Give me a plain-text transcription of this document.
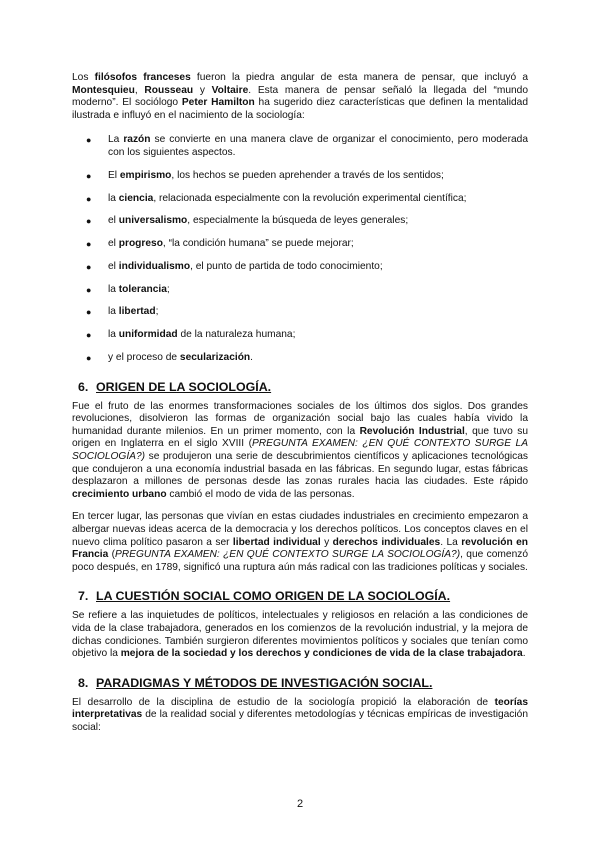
Los filósofos franceses fueron la piedra angular de esta manera de pensar, que incluyó a Montesquieu, Rousseau y Voltaire. Esta manera de pensar señaló la llegada del “mundo moderno”. El sociólogo Peter Hamilton ha sugerido diez características que definen la mentalidad ilustrada e influyó en el nacimiento de la sociología:

● La razón se convierte en una manera clave de organizar el conocimiento, pero moderada con los siguientes aspectos.
● El empirismo, los hechos se pueden aprehender a través de los sentidos;
● la ciencia, relacionada especialmente con la revolución experimental científica;
● el universalismo, especialmente la búsqueda de leyes generales;
● el progreso, “la condición humana” se puede mejorar;
● el individualismo, el punto de partida de todo conocimiento;
● la tolerancia;
● la libertad;
● la uniformidad de la naturaleza humana;
● y el proceso de secularización.
6. ORIGEN DE LA SOCIOLOGÍA.

Fue el fruto de las enormes transformaciones sociales de los últimos dos siglos. Dos grandes revoluciones, disolvieron las formas de organización social bajo las cuales había vivido la humanidad durante milenios. En un primer momento, con la Revolución Industrial, que tuvo su origen en Inglaterra en el siglo XVIII (PREGUNTA EXAMEN: ¿EN QUÉ CONTEXTO SURGE LA SOCIOLOGÍA?) se produjeron una serie de descubrimientos científicos y aplicaciones tecnológicas que condujeron a una economía industrial basada en las fábricas. En segundo lugar, estas fábricas desplazaron a millones de personas desde las zonas rurales hacia las ciudades. Este rápido crecimiento urbano cambió el modo de vida de las personas.

En tercer lugar, las personas que vivían en estas ciudades industriales en crecimiento empezaron a albergar nuevas ideas acerca de la democracia y los derechos políticos. Los conceptos claves en el nuevo clima político pasaron a ser libertad individual y derechos individuales. La revolución en Francia (PREGUNTA EXAMEN: ¿EN QUÉ CONTEXTO SURGE LA SOCIOLOGÍA?), que comenzó poco después, en 1789, significó una ruptura aún más radical con las tradiciones políticas y sociales.

7. LA CUESTIÓN SOCIAL COMO ORIGEN DE LA SOCIOLOGÍA.

Se refiere a las inquietudes de políticos, intelectuales y religiosos en relación a las condiciones de vida de la clase trabajadora, generados en los comienzos de la revolución industrial, y la mejora de dichas condiciones. También surgieron diferentes movimientos políticos y sociales que tenían como objetivo la mejora de la sociedad y los derechos y condiciones de vida de la clase trabajadora.

8. PARADIGMAS Y MÉTODOS DE INVESTIGACIÓN SOCIAL.

El desarrollo de la disciplina de estudio de la sociología propició la elaboración de teorías interpretativas de la realidad social y diferentes metodologías y técnicas empíricas de investigación social:

2
